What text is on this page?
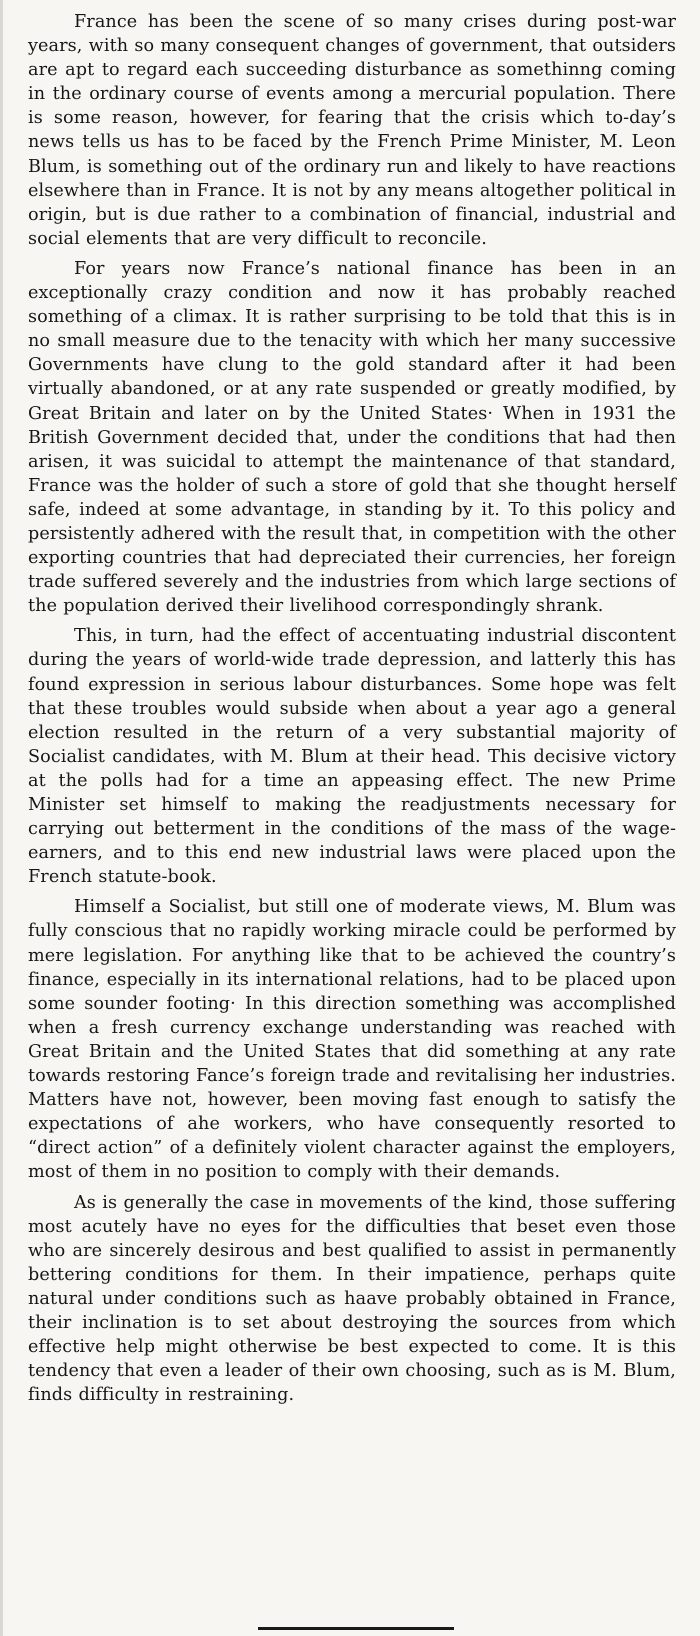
France has been the scene of so many crises during post-war years, with so many consequent changes of government, that outsiders are apt to regard each succeeding disturbance as somethinng coming in the ordinary course of events among a mercurial population. There is some reason, however, for fearing that the crisis which to-day’s news tells us has to be faced by the French Prime Minister, M. Leon Blum, is something out of the ordinary run and likely to have reactions elsewhere than in France. It is not by any means altogether political in origin, but is due rather to a combination of financial, industrial and social elements that are very difficult to reconcile.

For years now France’s national finance has been in an exceptionally crazy condition and now it has probably reached something of a climax. It is rather surprising to be told that this is in no small measure due to the tenacity with which her many successive Governments have clung to the gold standard after it had been virtually abandoned, or at any rate suspended or greatly modified, by Great Britain and later on by the United States· When in 1931 the British Government decided that, under the conditions that had then arisen, it was suicidal to attempt the maintenance of that standard, France was the holder of such a store of gold that she thought herself safe, indeed at some advantage, in standing by it. To this policy and persistently adhered with the result that, in competition with the other exporting countries that had depreciated their currencies, her foreign trade suffered severely and the industries from which large sections of the population derived their livelihood correspondingly shrank.

This, in turn, had the effect of accentuating industrial discontent during the years of world-wide trade depression, and latterly this has found expression in serious labour disturbances. Some hope was felt that these troubles would subside when about a year ago a general election resulted in the return of a very substantial majority of Socialist candidates, with M. Blum at their head. This decisive victory at the polls had for a time an appeasing effect. The new Prime Minister set himself to making the readjustments necessary for carrying out betterment in the conditions of the mass of the wage-earners, and to this end new industrial laws were placed upon the French statute-book.

Himself a Socialist, but still one of moderate views, M. Blum was fully conscious that no rapidly working miracle could be performed by mere legislation. For anything like that to be achieved the country’s finance, especially in its international relations, had to be placed upon some sounder footing· In this direction something was accomplished when a fresh currency exchange understanding was reached with Great Britain and the United States that did something at any rate towards restoring Fance’s foreign trade and revitalising her industries. Matters have not, however, been moving fast enough to satisfy the expectations of ahe workers, who have consequently resorted to “direct action” of a definitely violent character against the employers, most of them in no position to comply with their demands.

As is generally the case in movements of the kind, those suffering most acutely have no eyes for the difficulties that beset even those who are sincerely desirous and best qualified to assist in permanently bettering conditions for them. In their impatience, perhaps quite natural under conditions such as haave probably obtained in France, their inclination is to set about destroying the sources from which effective help might otherwise be best expected to come. It is this tendency that even a leader of their own choosing, such as is M. Blum, finds difficulty in restraining.
